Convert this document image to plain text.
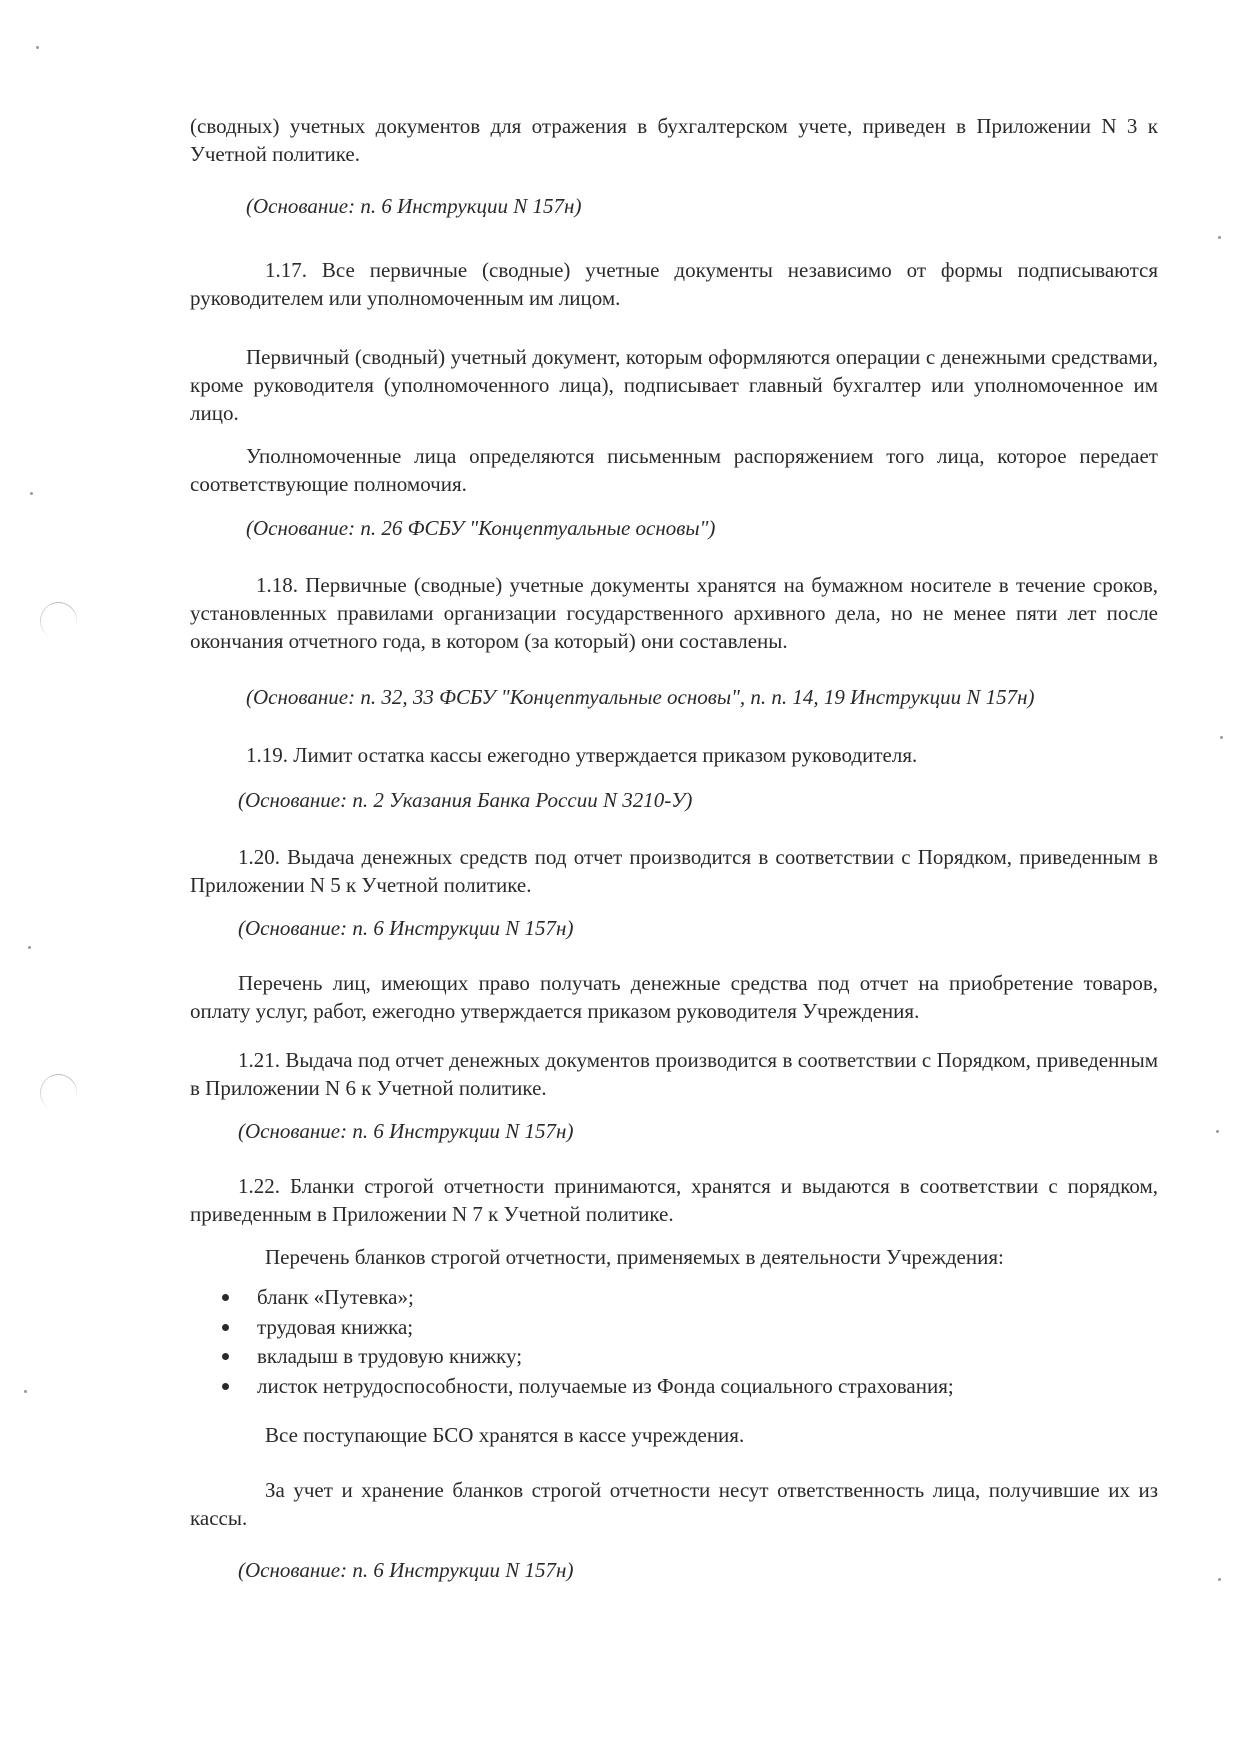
(сводных) учетных документов для отражения в бухгалтерском учете, приведен в Приложении N 3 к Учетной политике.

(Основание: п. 6 Инструкции N 157н)

1.17. Все первичные (сводные) учетные документы независимо от формы подписываются руководителем или уполномоченным им лицом.

Первичный (сводный) учетный документ, которым оформляются операции с денежными средствами, кроме руководителя (уполномоченного лица), подписывает главный бухгалтер или уполномоченное им лицо.

Уполномоченные лица определяются письменным распоряжением того лица, которое передает соответствующие полномочия.

(Основание: п. 26 ФСБУ "Концептуальные основы")

1.18. Первичные (сводные) учетные документы хранятся на бумажном носителе в течение сроков, установленных правилами организации государственного архивного дела, но не менее пяти лет после окончания отчетного года, в котором (за который) они составлены.

(Основание: п. 32, 33 ФСБУ "Концептуальные основы", п. п. 14, 19 Инструкции N 157н)

1.19. Лимит остатка кассы ежегодно утверждается приказом руководителя.

(Основание: п. 2 Указания Банка России N 3210-У)

1.20. Выдача денежных средств под отчет производится в соответствии с Порядком, приведенным в Приложении N 5 к Учетной политике.

(Основание: п. 6 Инструкции N 157н)

Перечень лиц, имеющих право получать денежные средства под отчет на приобретение товаров, оплату услуг, работ, ежегодно утверждается приказом руководителя Учреждения.

1.21. Выдача под отчет денежных документов производится в соответствии с Порядком, приведенным в Приложении N 6 к Учетной политике.

(Основание: п. 6 Инструкции N 157н)

1.22. Бланки строгой отчетности принимаются, хранятся и выдаются в соответствии с порядком, приведенным в Приложении N 7 к Учетной политике.

Перечень бланков строгой отчетности, применяемых в деятельности Учреждения:

бланк «Путевка»;
трудовая книжка;
вкладыш в трудовую книжку;
листок нетрудоспособности, получаемые из Фонда социального страхования;

Все поступающие БСО хранятся в кассе учреждения.

За учет и хранение бланков строгой отчетности несут ответственность лица, получившие их из кассы.

(Основание: п. 6 Инструкции N 157н)
